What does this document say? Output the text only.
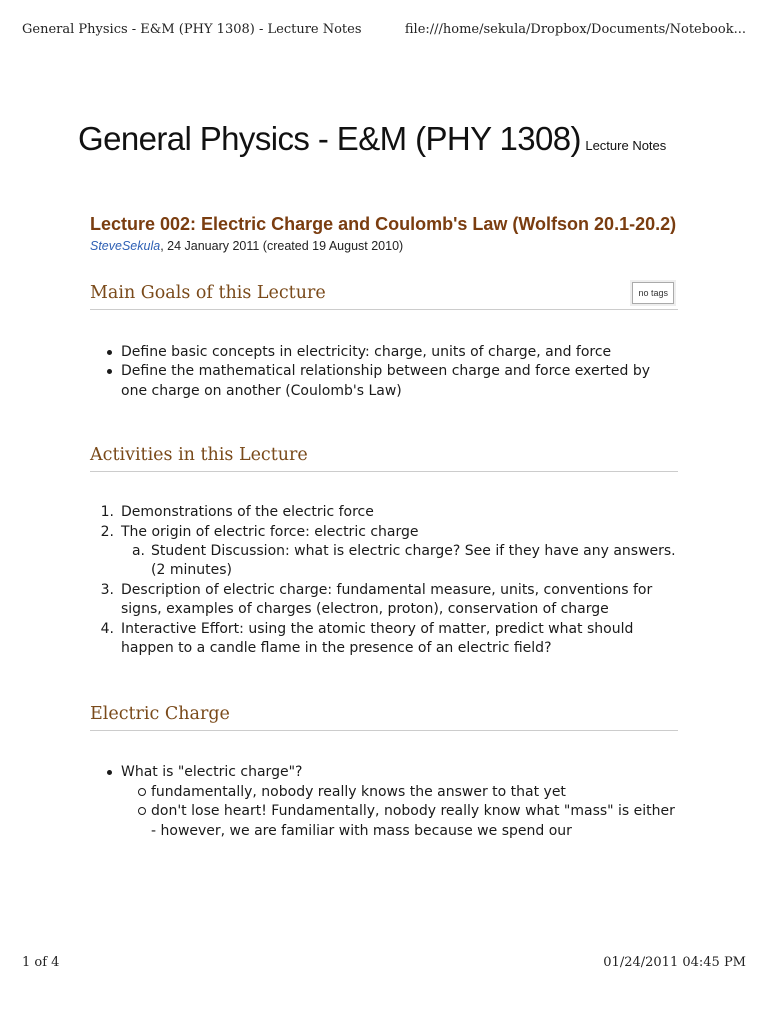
General Physics - E&M (PHY 1308) - Lecture Notes	file:///home/sekula/Dropbox/Documents/Notebook...
General Physics - E&M (PHY 1308) Lecture Notes
Lecture 002: Electric Charge and Coulomb's Law (Wolfson 20.1-20.2)
SteveSekula, 24 January 2011 (created 19 August 2010)
no tags
Main Goals of this Lecture
Define basic concepts in electricity: charge, units of charge, and force
Define the mathematical relationship between charge and force exerted by one charge on another (Coulomb's Law)
Activities in this Lecture
1. Demonstrations of the electric force
2. The origin of electric force: electric charge
a. Student Discussion: what is electric charge? See if they have any answers. (2 minutes)
3. Description of electric charge: fundamental measure, units, conventions for signs, examples of charges (electron, proton), conservation of charge
4. Interactive Effort: using the atomic theory of matter, predict what should happen to a candle flame in the presence of an electric field?
Electric Charge
What is "electric charge"?
fundamentally, nobody really knows the answer to that yet
don't lose heart! Fundamentally, nobody really know what "mass" is either - however, we are familiar with mass because we spend our
1 of 4	01/24/2011 04:45 PM
